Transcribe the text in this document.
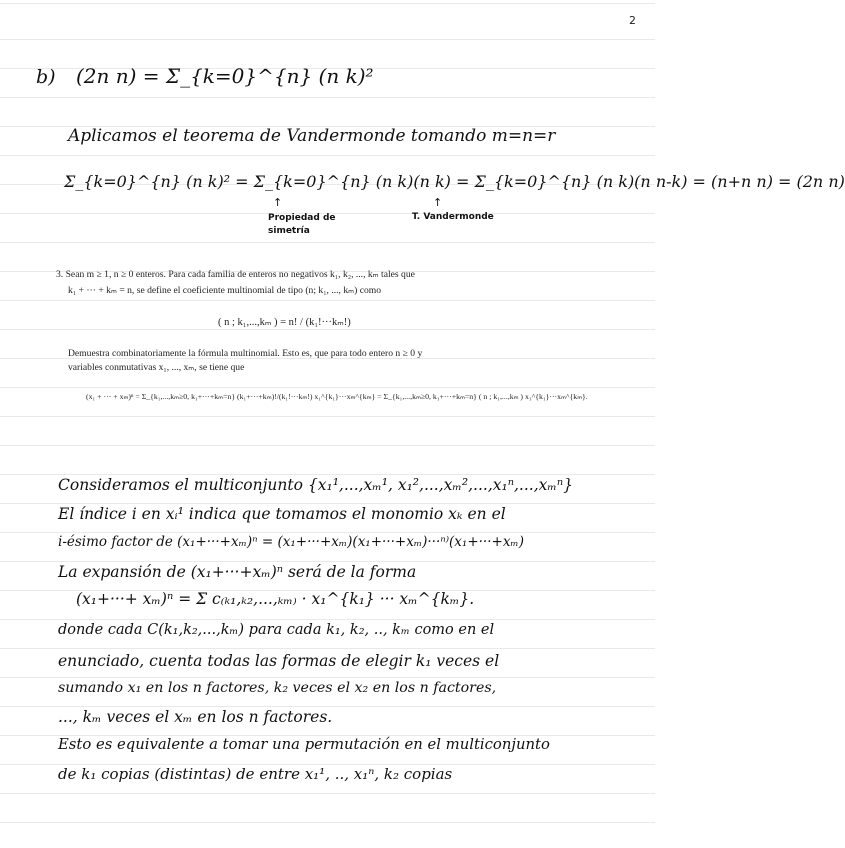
2
b) (2n n) = Σ_{k=0}^{n} (n k)²
Aplicamos el teorema de Vandermonde tomando m=n=r
Σ_{k=0}^{n} (n k)² = Σ_{k=0}^{n} (n k)(n k) = Σ_{k=0}^{n} (n k)(n n-k) = (n+n n) = (2n n)
↑	↑
Propiedad de simetría
T. Vandermonde
3. Sean m ≥ 1, n ≥ 0 enteros. Para cada familia de enteros no negativos k₁, k₂, ..., kₘ tales que
k₁ + ··· + kₘ = n, se define el coeficiente multinomial de tipo (n; k₁, ..., kₘ) como
( n ; k₁,...,kₘ ) = n! / (k₁!···kₘ!)
Demuestra combinatoriamente la fórmula multinomial. Esto es, que para todo entero n ≥ 0 y
variables conmutativas x₁, ..., xₘ, se tiene que
(x₁ + ··· + xₘ)ⁿ = Σ_{k₁,...,kₘ≥0, k₁+···+kₘ=n} (k₁+···+kₘ)!/(k₁!···kₘ!) x₁^{k₁}···xₘ^{kₘ} = Σ_{k₁,...,kₘ≥0, k₁+···+kₘ=n} ( n ; k₁,...,kₘ ) x₁^{k₁}···xₘ^{kₘ}.
Consideramos el multiconjunto {x₁¹,...,xₘ¹, x₁²,...,xₘ²,...,x₁ⁿ,...,xₘⁿ}
El índice i en xᵢ¹ indica que tomamos el monomio xₖ en el
i-ésimo factor de (x₁+···+xₘ)ⁿ = (x₁+···+xₘ)(x₁+···+xₘ)···ⁿ⁾(x₁+···+xₘ)
La expansión de (x₁+···+xₘ)ⁿ será de la forma
(x₁+···+ xₘ)ⁿ = Σ c₍ₖ₁,ₖ₂,...,ₖₘ₎ · x₁^{k₁} ··· xₘ^{kₘ}.
donde cada C(k₁,k₂,...,kₘ) para cada k₁, k₂, .., kₘ como en el
enunciado, cuenta todas las formas de elegir k₁ veces el
sumando x₁ en los n factores, k₂ veces el x₂ en los n factores,
..., kₘ veces el xₘ en los n factores.
Esto es equivalente a tomar una permutación en el multiconjunto
de k₁ copias (distintas) de entre x₁¹, .., x₁ⁿ, k₂ copias
